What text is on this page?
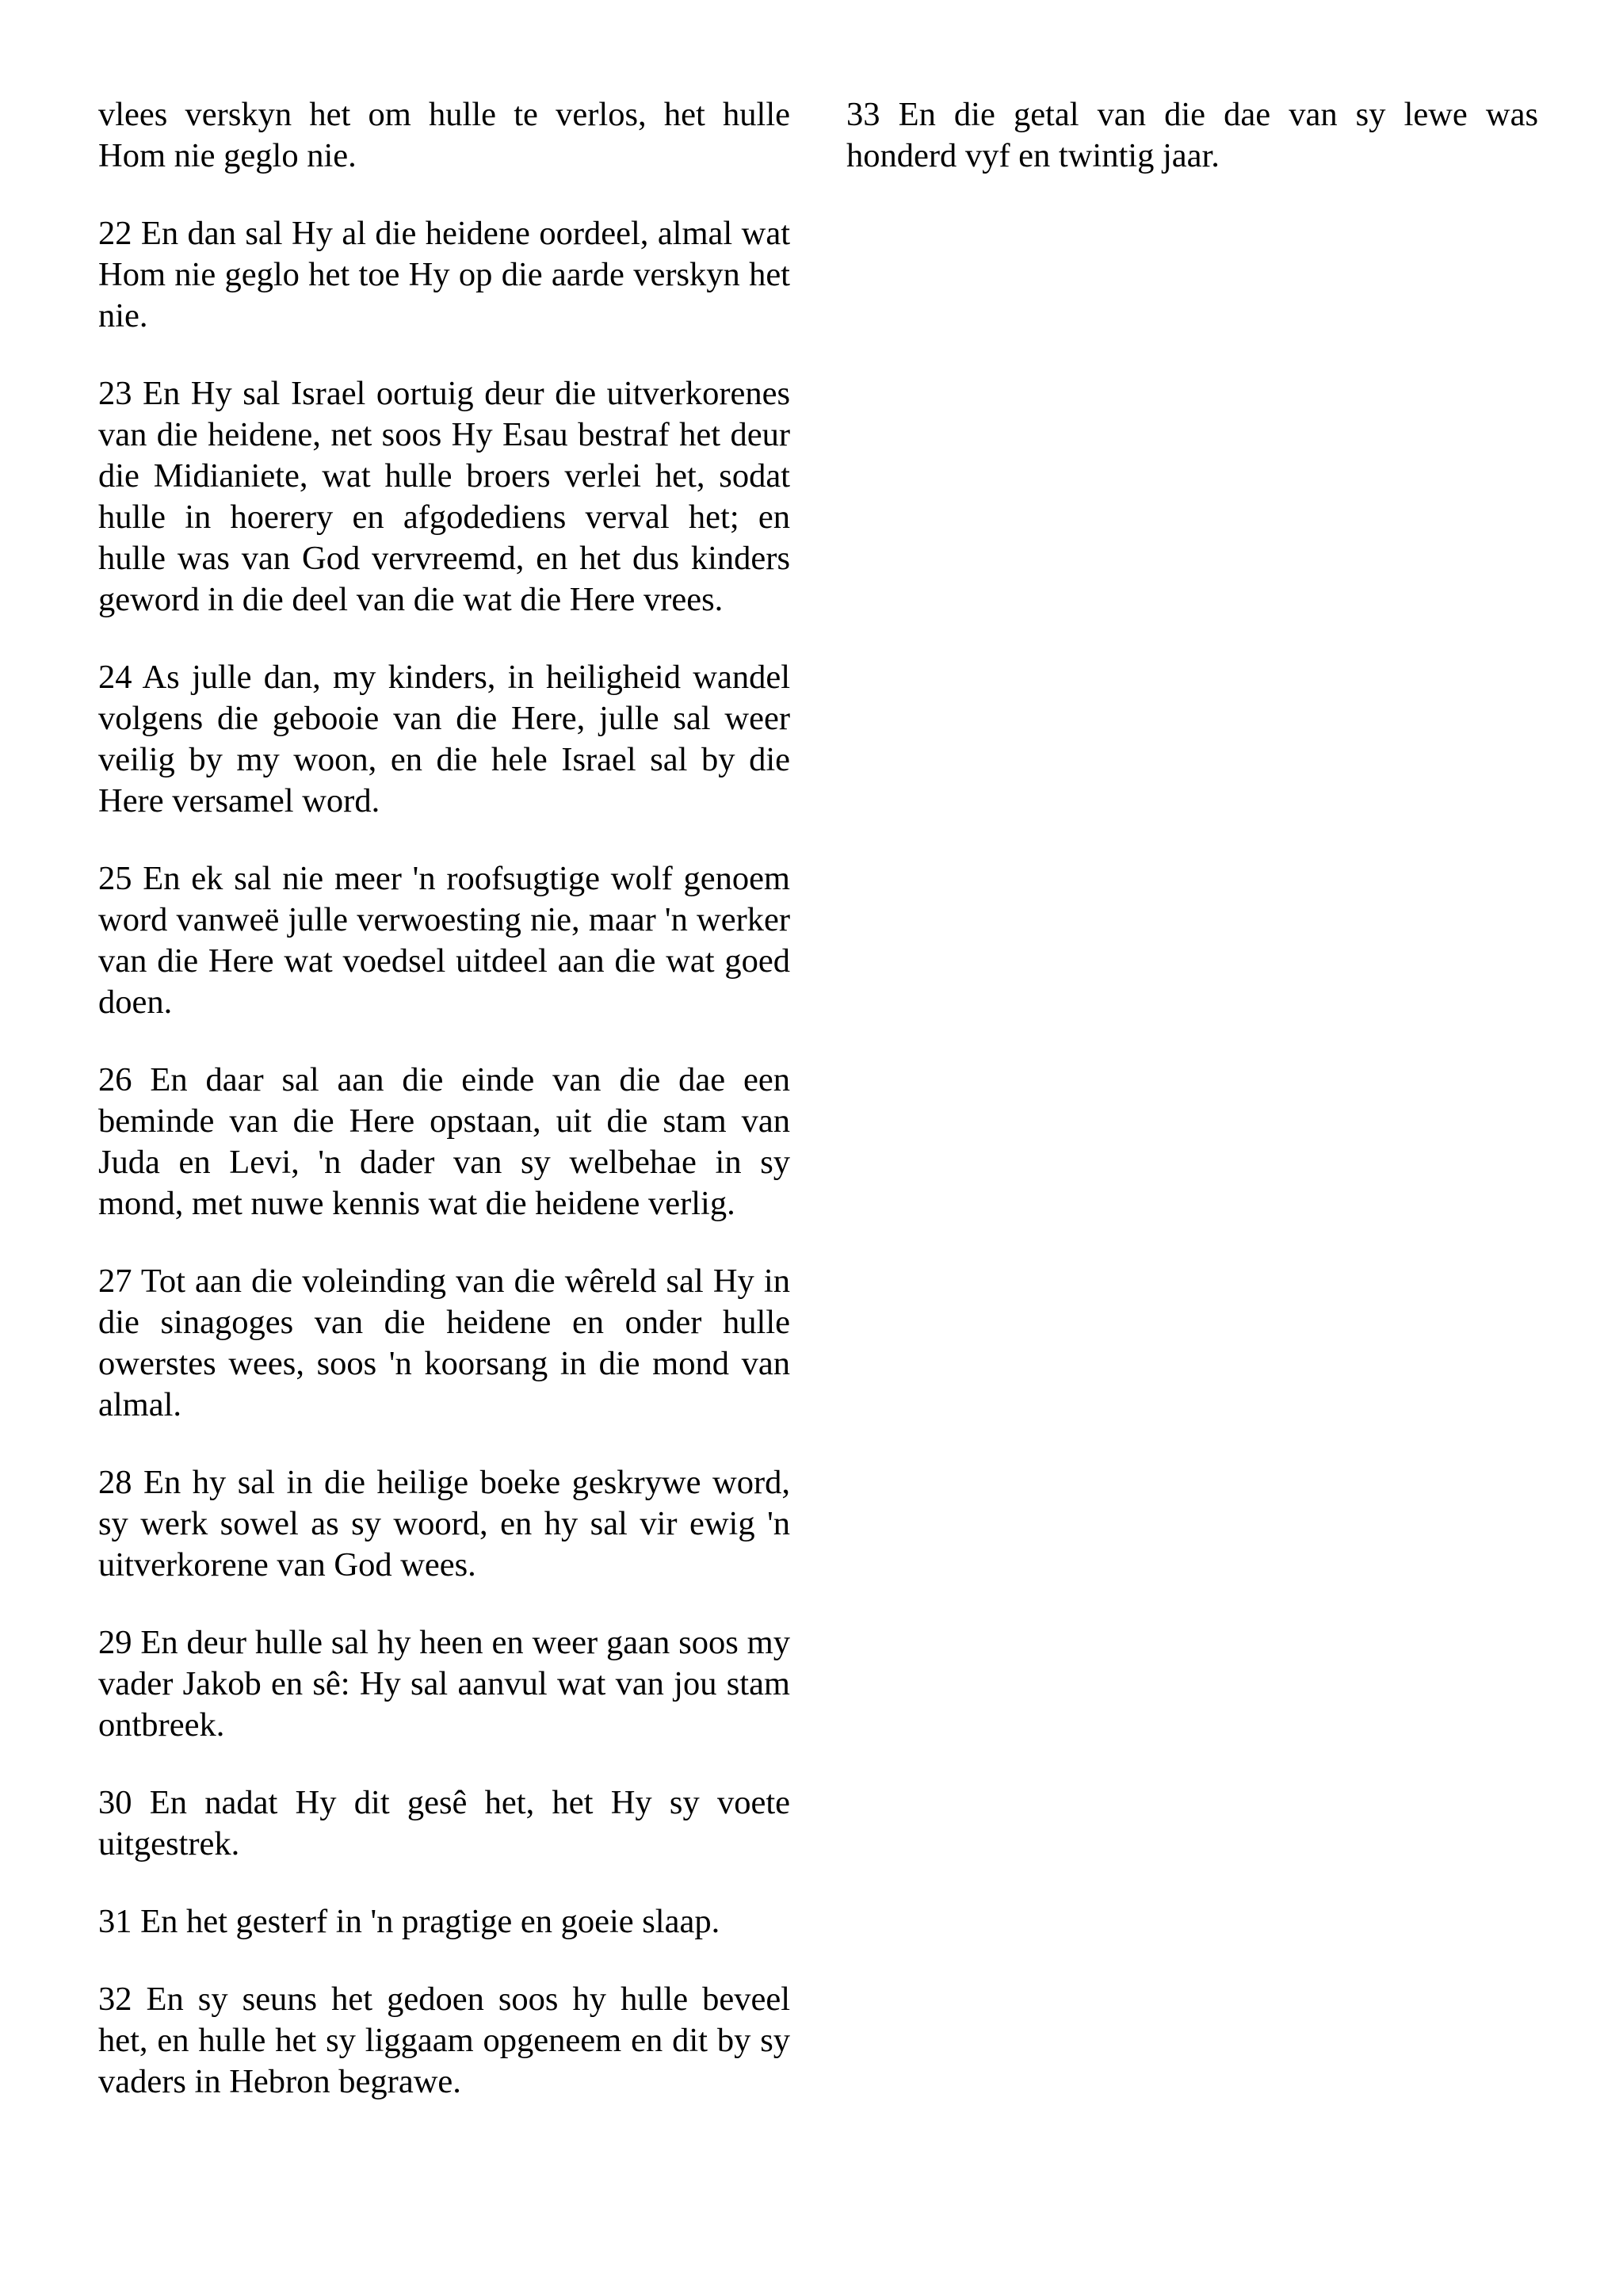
vlees verskyn het om hulle te verlos, het hulle Hom nie geglo nie.

22 En dan sal Hy al die heidene oordeel, almal wat Hom nie geglo het toe Hy op die aarde verskyn het nie.

23 En Hy sal Israel oortuig deur die uitverkorenes van die heidene, net soos Hy Esau bestraf het deur die Midianiete, wat hulle broers verlei het, sodat hulle in hoerery en afgodediens verval het; en hulle was van God vervreemd, en het dus kinders geword in die deel van die wat die Here vrees.

24 As julle dan, my kinders, in heiligheid wandel volgens die gebooie van die Here, julle sal weer veilig by my woon, en die hele Israel sal by die Here versamel word.

25 En ek sal nie meer 'n roofsugtige wolf genoem word vanweë julle verwoesting nie, maar 'n werker van die Here wat voedsel uitdeel aan die wat goed doen.

26 En daar sal aan die einde van die dae een beminde van die Here opstaan, uit die stam van Juda en Levi, 'n dader van sy welbehae in sy mond, met nuwe kennis wat die heidene verlig.

27 Tot aan die voleinding van die wêreld sal Hy in die sinagoges van die heidene en onder hulle owerstes wees, soos 'n koorsang in die mond van almal.

28 En hy sal in die heilige boeke geskrywe word, sy werk sowel as sy woord, en hy sal vir ewig 'n uitverkorene van God wees.

29 En deur hulle sal hy heen en weer gaan soos my vader Jakob en sê: Hy sal aanvul wat van jou stam ontbreek.

30 En nadat Hy dit gesê het, het Hy sy voete uitgestrek.

31 En het gesterf in 'n pragtige en goeie slaap.

32 En sy seuns het gedoen soos hy hulle beveel het, en hulle het sy liggaam opgeneem en dit by sy vaders in Hebron begrawe.

33 En die getal van die dae van sy lewe was honderd vyf en twintig jaar.
